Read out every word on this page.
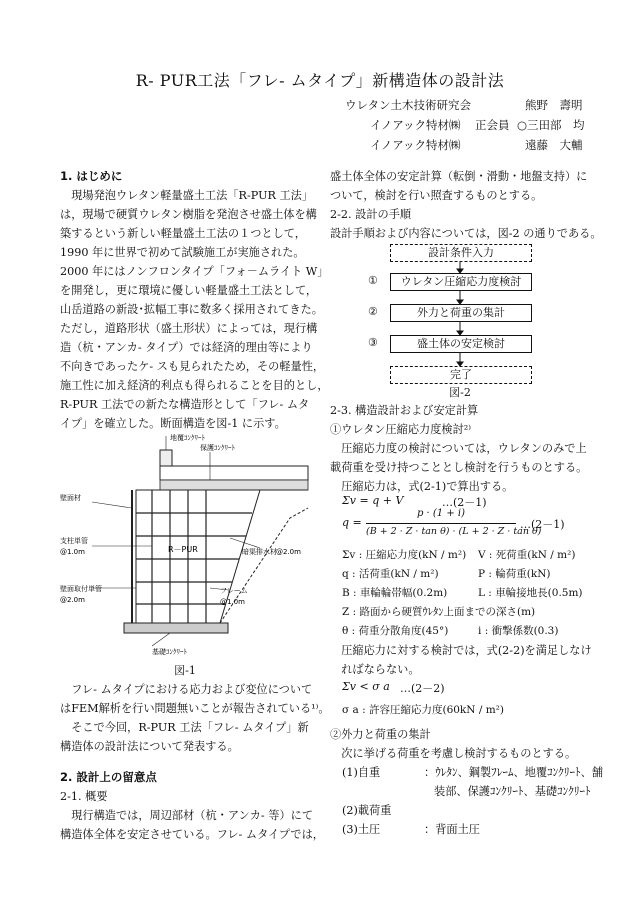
R- PUR工法「フレ- ムタイプ」新構造体の設計法
ウレタン土木技術研究会	熊野　壽明
イノアック特材㈱ 正会員 ○三田部　均
イノアック特材㈱	遠藤　大輔

1. はじめに

　現場発泡ウレタン軽量盛土工法「R-PUR 工法」

は，現場で硬質ウレタン樹脂を発泡させ盛土体を構

築するという新しい軽量盛土工法の１つとして，

1990 年に世界で初めて試験施工が実施された。

2000 年にはノンフロンタイプ「フォ－ムライト W」

を開発し，更に環境に優しい軽量盛土工法として，

山岳道路の新設･拡幅工事に数多く採用されてきた。

ただし，道路形状（盛土形状）によっては，現行構

造（杭・アンカ- タイプ）では経済的理由等により

不向きであったケ- スも見られたため，その軽量性，

施工性に加え経済的利点も得られることを目的とし，

R-PUR 工法での新たな構造形として「フレ- ムタ

イプ」を確立した。断面構造を図-1 に示す。

地覆ｺﾝｸﾘｰﾄ
保護ｺﾝｸﾘｰﾄ
壁面材
支柱単管
@1.0m	R－PUR	暗渠排水材 @2.0m
壁面取付単管
@2.0m
フレーム
@1.0m
基礎ｺﾝｸﾘｰﾄ
図-1

　フレ- ムタイプにおける応力および変位について

はFEM解析を行い問題無いことが報告されている¹⁾。

　そこで今回，R-PUR 工法「フレ- ムタイプ」新

構造体の設計法について発表する。

2. 設計上の留意点

2-1. 概要

　現行構造では，周辺部材（杭・アンカ- 等）にて

構造体全体を安定させている。フレ- ムタイプでは，

盛土体全体の安定計算（転倒・滑動・地盤支持）に

ついて，検討を行い照査するものとする。

2-2. 設計の手順

設計手順および内容については，図-2 の通りである。

設計条件入力
①	ウレタン圧縮応力度検討
②	外力と荷重の集計
③	盛土体の安定検討
完了
図-2

2-3. 構造設計および安定計算

①ウレタン圧縮応力度検討²⁾

　圧縮応力度の検討については，ウレタンのみで上

載荷重を受け持つこととし検討を行うものとする。

　圧縮応力は，式(2-1)で算出する。

Σv = q + V	…(2－1)
q =
p · (1 + i)
(B + 2 · Z · tan θ) · (L + 2 · Z · tan θ)
…(2－1)

Σv : 圧縮応力度(kN / m²) V : 死荷重(kN / m²)

q : 活荷重(kN / m²)	P : 輪荷重(kN)

B : 車輪輪帯幅(0.2m)	L : 車輪接地長(0.5m)

Z : 路面から硬質ｳﾚﾀﾝ上面までの深さ(m)

θ : 荷重分散角度(45°)	i : 衝撃係数(0.3)

　圧縮応力に対する検討では，式(2-2)を満足しなけ

　ればならない。

Σv < σ a …(2－2)
σ a : 許容圧縮応力度(60kN / m²)

②外力と荷重の集計

　次に挙げる荷重を考慮し検討するものとする。

(1)自重	：ｳﾚﾀﾝ、鋼製ﾌﾚｰﾑ、地覆ｺﾝｸﾘｰﾄ、舗

装部、保護ｺﾝｸﾘｰﾄ、基礎ｺﾝｸﾘｰﾄ

(2)載荷重

(3)土圧	：背面土圧
